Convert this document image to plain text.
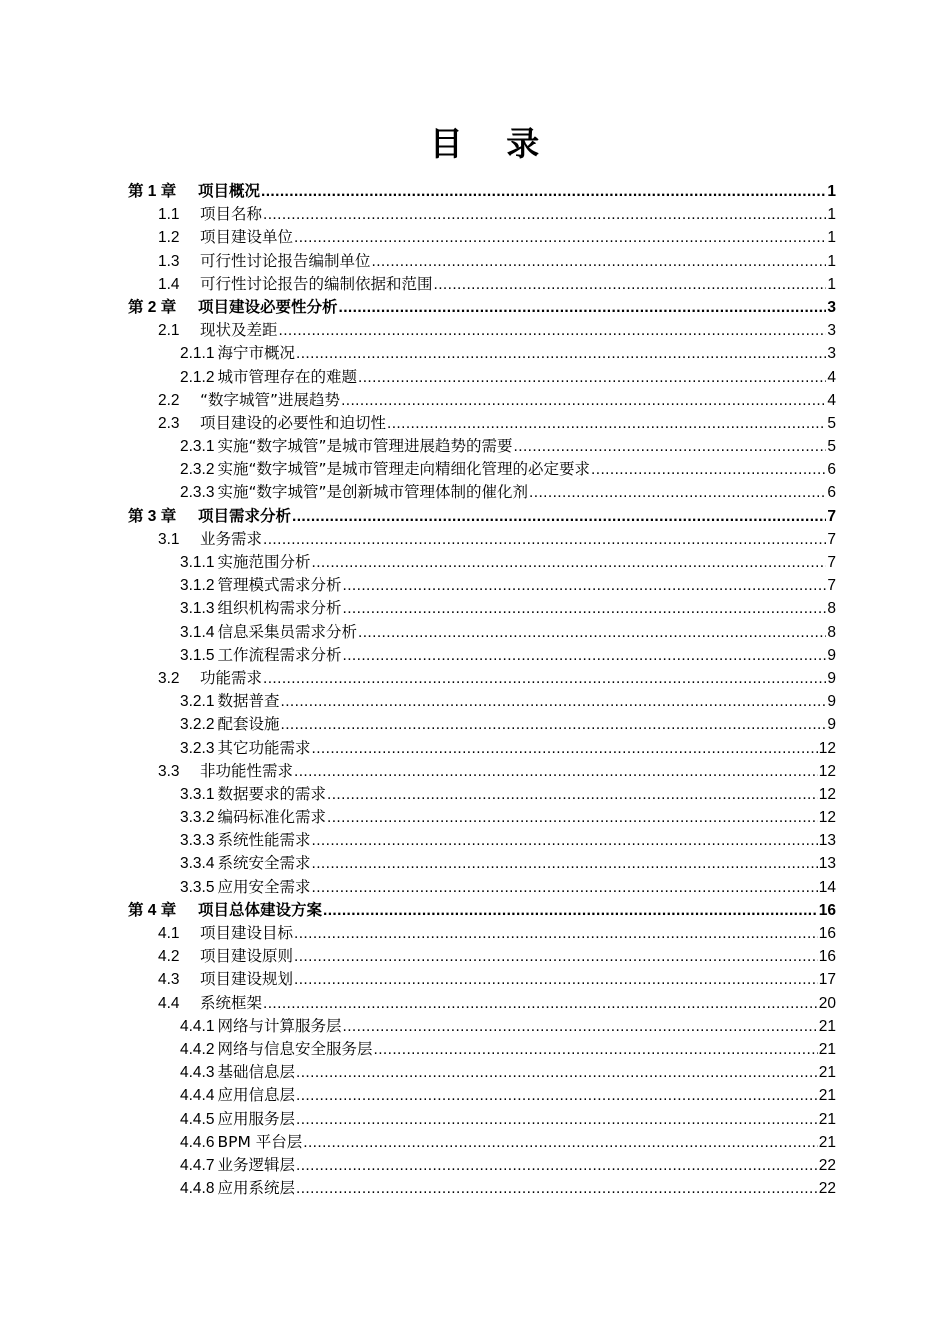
目 录
第 1 章	项目概况 .....	1
1.1	项目名称 .....	1
1.2	项目建设单位 .....	1
1.3	可行性讨论报告编制单位 .....	1
1.4	可行性讨论报告的编制依据和范围 .....	1
第 2 章	项目建设必要性分析 .....	3
2.1	现状及差距 .....	3
2.1.1 海宁市概况 .....	3
2.1.2 城市管理存在的难题 .....	4
2.2	“数字城管”进展趋势 .....	4
2.3	项目建设的必要性和迫切性 .....	5
2.3.1 实施“数字城管”是城市管理进展趋势的需要 .....	5
2.3.2 实施“数字城管”是城市管理走向精细化管理的必定要求 .....	6
2.3.3 实施“数字城管”是创新城市管理体制的催化剂 .....	6
第 3 章	项目需求分析 .....	7
3.1	业务需求 .....	7
3.1.1 实施范围分析 .....	7
3.1.2 管理模式需求分析 .....	7
3.1.3 组织机构需求分析 .....	8
3.1.4 信息采集员需求分析 .....	8
3.1.5 工作流程需求分析 .....	9
3.2	功能需求 .....	9
3.2.1 数据普查 .....	9
3.2.2 配套设施 .....	9
3.2.3 其它功能需求 .....	12
3.3	非功能性需求 .....	12
3.3.1 数据要求的需求 .....	12
3.3.2 编码标准化需求 .....	12
3.3.3 系统性能需求 .....	13
3.3.4 系统安全需求 .....	13
3.3.5 应用安全需求 .....	14
第 4 章	项目总体建设方案 .....	16
4.1	项目建设目标 .....	16
4.2	项目建设原则 .....	16
4.3	项目建设规划 .....	17
4.4	系统框架 .....	20
4.4.1 网络与计算服务层 .....	21
4.4.2 网络与信息安全服务层 .....	21
4.4.3 基础信息层 .....	21
4.4.4 应用信息层 .....	21
4.4.5 应用服务层 .....	21
4.4.6 BPM 平台层 .....	21
4.4.7 业务逻辑层 .....	22
4.4.8 应用系统层 .....	22
